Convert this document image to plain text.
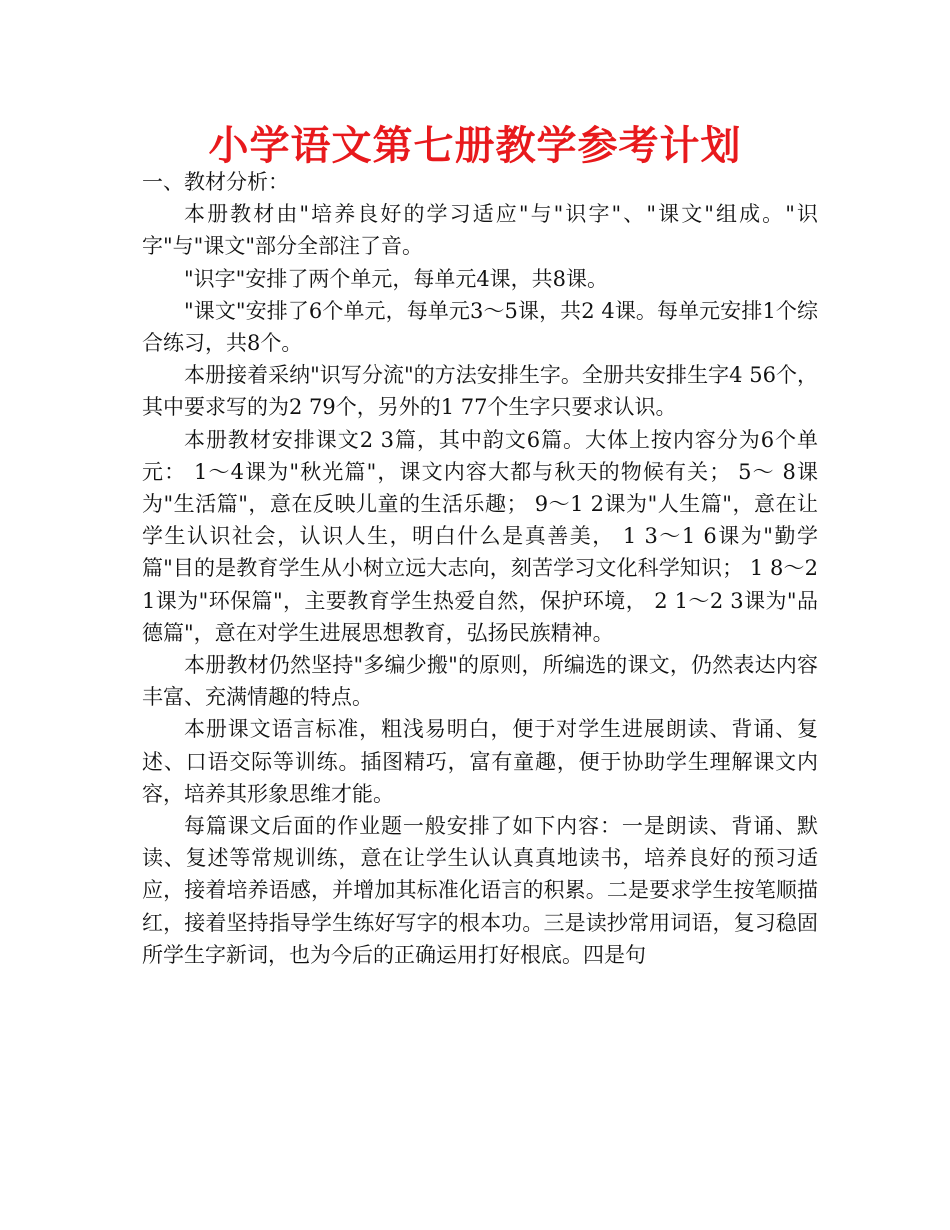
小学语文第七册教学参考计划

一、教材分析：

本册教材由"培养良好的学习适应"与"识字"、"课文"组成。"识字"与"课文"部分全部注了音。

"识字"安排了两个单元，每单元4课，共8课。

"课文"安排了6个单元，每单元3～5课，共2 4课。每单元安排1个综合练习，共8个。

本册接着采纳"识写分流"的方法安排生字。全册共安排生字4 56个，其中要求写的为2 79个，另外的1 77个生字只要求认识。

本册教材安排课文2 3篇，其中韵文6篇。大体上按内容分为6个单元： 1～4课为"秋光篇"，课文内容大都与秋天的物候有关； 5～ 8课为"生活篇"，意在反映儿童的生活乐趣； 9～1 2课为"人生篇"，意在让学生认识社会，认识人生，明白什么是真善美， 1 3～1 6课为"勤学篇"目的是教育学生从小树立远大志向，刻苦学习文化科学知识； 1 8～2 1课为"环保篇"，主要教育学生热爱自然，保护环境， 2 1～2 3课为"品德篇"，意在对学生进展思想教育，弘扬民族精神。

本册教材仍然坚持"多编少搬"的原则，所编选的课文，仍然表达内容丰富、充满情趣的特点。

本册课文语言标准，粗浅易明白，便于对学生进展朗读、背诵、复述、口语交际等训练。插图精巧，富有童趣，便于协助学生理解课文内容，培养其形象思维才能。

每篇课文后面的作业题一般安排了如下内容：一是朗读、背诵、默读、复述等常规训练，意在让学生认认真真地读书，培养良好的预习适应，接着培养语感，并增加其标准化语言的积累。二是要求学生按笔顺描红，接着坚持指导学生练好写字的根本功。三是读抄常用词语，复习稳固所学生字新词，也为今后的正确运用打好根底。四是句
